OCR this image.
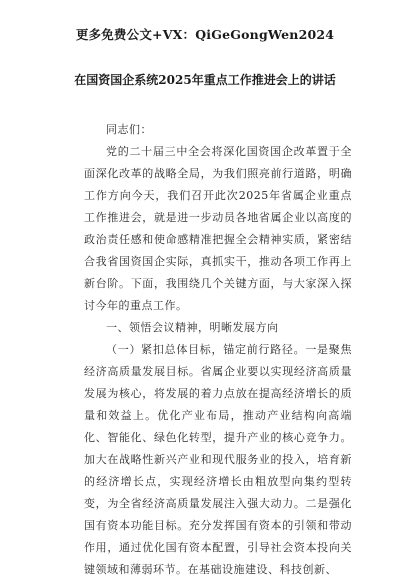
更多免费公文+VX：QiGeGongWen2024
在国资国企系统2025年重点工作推进会上的讲话

同志们：

党的二十届三中全会将深化国资国企改革置于全面深化改革的战略全局，为我们照亮前行道路，明确工作方向今天，我们召开此次2025年省属企业重点工作推进会，就是进一步动员各地省属企业以高度的政治责任感和使命感精准把握全会精神实质，紧密结合我省国资国企实际，真抓实干，推动各项工作再上新台阶。下面，我围绕几个关键方面，与大家深入探讨今年的重点工作。

一、领悟会议精神，明晰发展方向

（一）紧扣总体目标，锚定前行路径。一是聚焦经济高质量发展目标。省属企业要以实现经济高质量发展为核心，将发展的着力点放在提高经济增长的质量和效益上。优化产业布局，推动产业结构向高端化、智能化、绿色化转型，提升产业的核心竞争力。加大在战略性新兴产业和现代服务业的投入，培育新的经济增长点，实现经济增长由粗放型向集约型转变，为全省经济高质量发展注入强大动力。二是强化国有资本功能目标。充分发挥国有资本的引领和带动作用，通过优化国有资本配置，引导社会资本投向关键领域和薄弱环节。在基础设施建设、科技创新、
